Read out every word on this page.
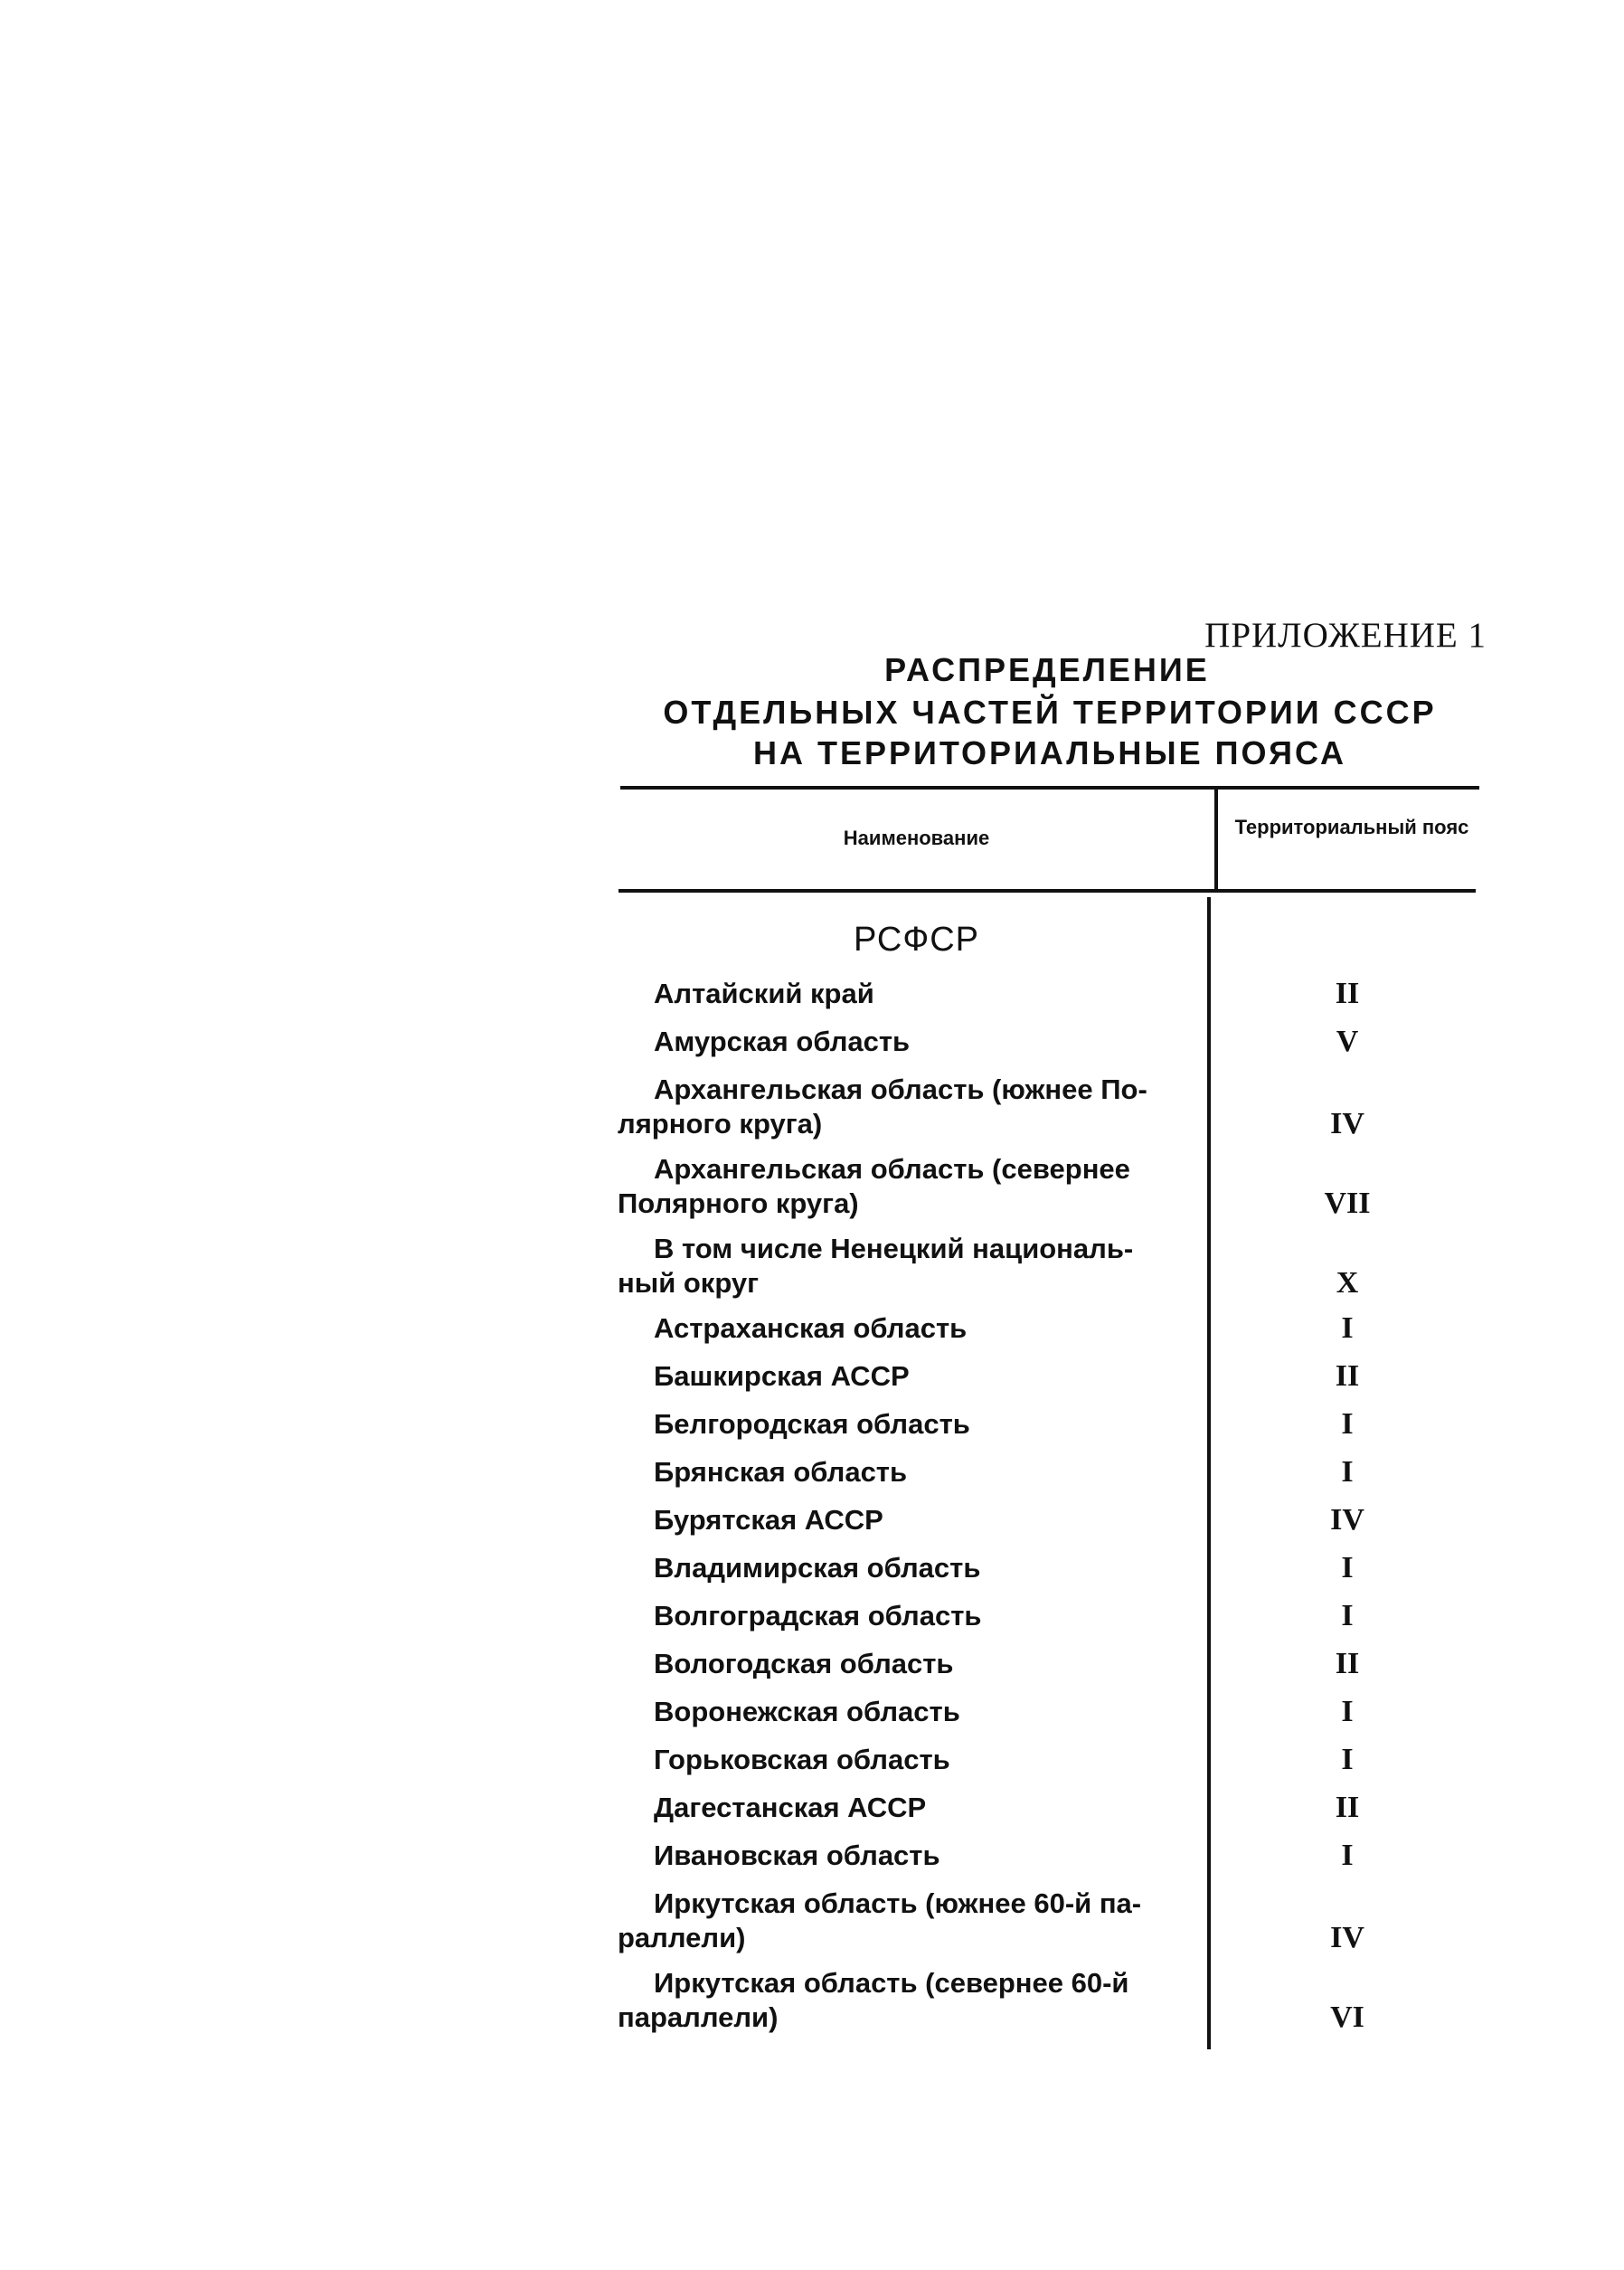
ПРИЛОЖЕНИЕ 1
РАСПРЕДЕЛЕНИЕ
ОТДЕЛЬНЫХ ЧАСТЕЙ ТЕРРИТОРИИ СССР
НА ТЕРРИТОРИАЛЬНЫЕ ПОЯСА
Наименование	Территориальный пояс
РСФСР
Алтайский край	II
Амурская область	V
Архангельская область (южнее По-
лярного круга)	IV
Архангельская область (севернее
Полярного круга)	VII
В том числе Ненецкий националь-
ный округ	X
Астраханская область	I
Башкирская АССР	II
Белгородская область	I
Брянская область	I
Бурятская АССР	IV
Владимирская область	I
Волгоградская область	I
Вологодская область	II
Воронежская область	I
Горьковская область	I
Дагестанская АССР	II
Ивановская область	I
Иркутская область (южнее 60-й па-
раллели)	IV
Иркутская область (севернее 60-й
параллели)	VI
